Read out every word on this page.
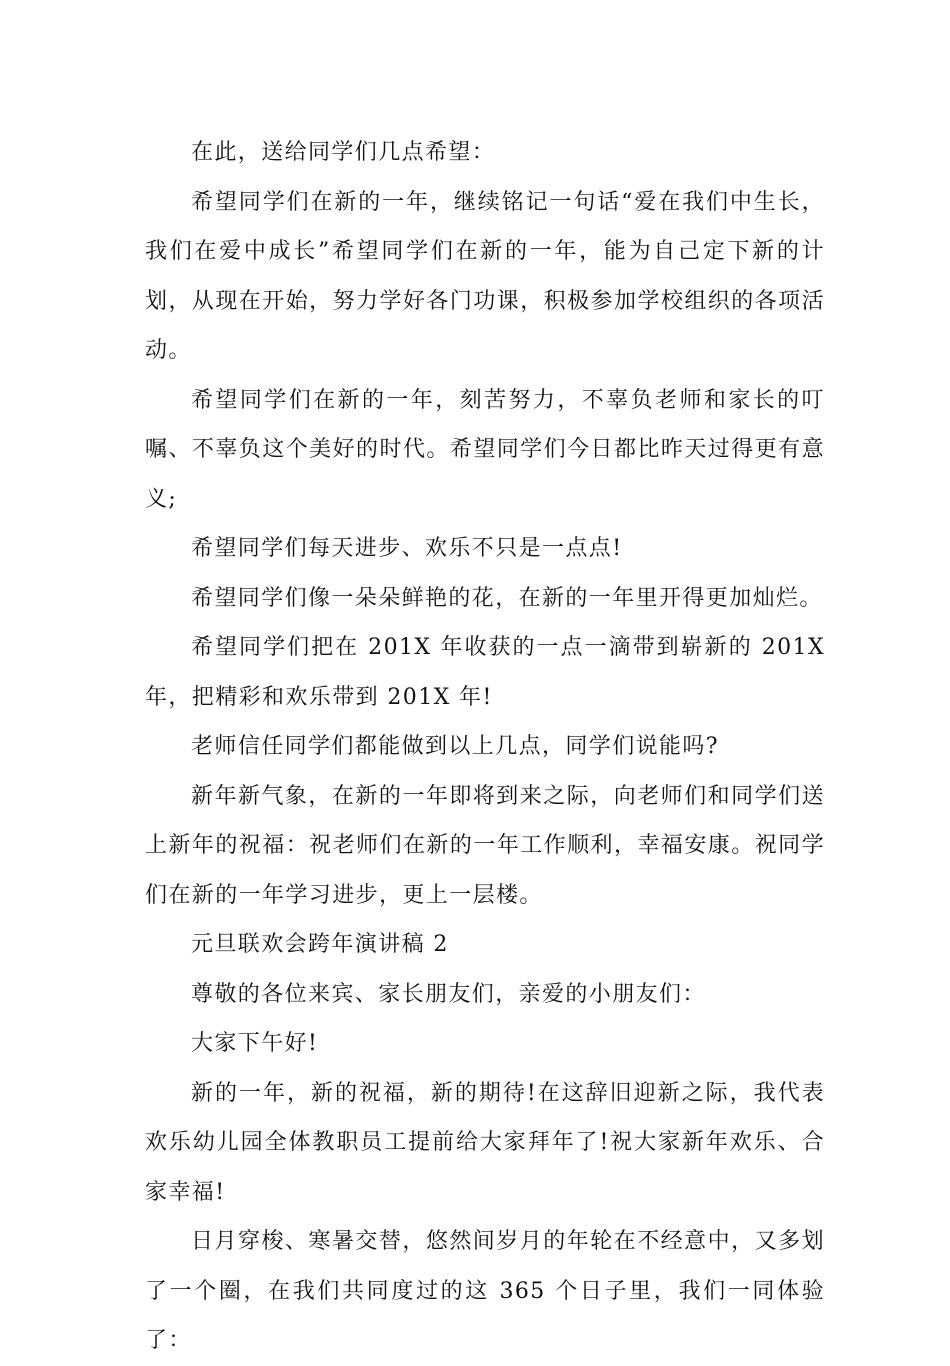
在此，送给同学们几点希望：

希望同学们在新的一年，继续铭记一句话“爱在我们中生长，我们在爱中成长”希望同学们在新的一年，能为自己定下新的计划，从现在开始，努力学好各门功课，积极参加学校组织的各项活动。

希望同学们在新的一年，刻苦努力，不辜负老师和家长的叮嘱、不辜负这个美好的时代。希望同学们今日都比昨天过得更有意义;

希望同学们每天进步、欢乐不只是一点点!

希望同学们像一朵朵鲜艳的花，在新的一年里开得更加灿烂。

希望同学们把在 201X 年收获的一点一滴带到崭新的 201X 年，把精彩和欢乐带到 201X 年!

老师信任同学们都能做到以上几点，同学们说能吗?

新年新气象，在新的一年即将到来之际，向老师们和同学们送上新年的祝福：祝老师们在新的一年工作顺利，幸福安康。祝同学们在新的一年学习进步，更上一层楼。

元旦联欢会跨年演讲稿 2

尊敬的各位来宾、家长朋友们，亲爱的小朋友们：

大家下午好!

新的一年，新的祝福，新的期待!在这辞旧迎新之际，我代表欢乐幼儿园全体教职员工提前给大家拜年了!祝大家新年欢乐、合家幸福!

日月穿梭、寒暑交替，悠然间岁月的年轮在不经意中，又多划了一个圈，在我们共同度过的这 365 个日子里，我们一同体验了：
